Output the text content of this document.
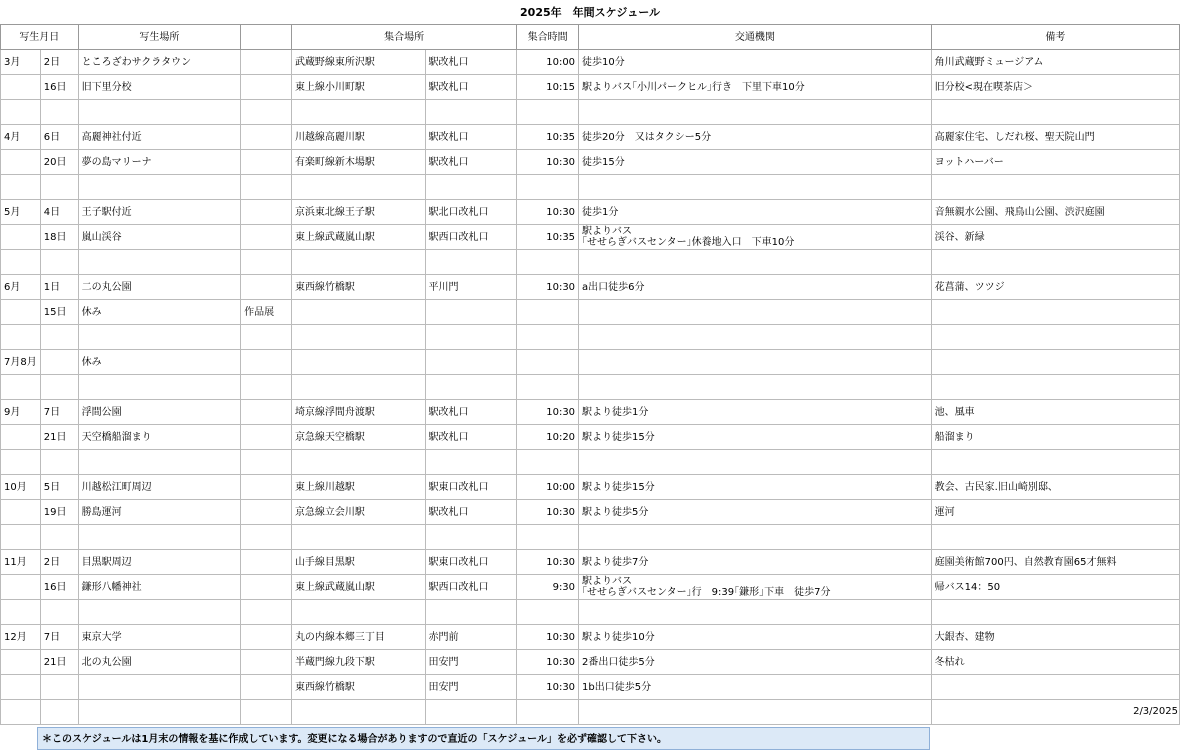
2025年　年間スケジュール
写生月日		写生場所		集合場所		集合時間	交通機関	備考
3月	2日	ところざわサクラタウン		武蔵野線東所沢駅	駅改札口	10:00	徒歩10分	角川武蔵野ミュージアム
	16日	旧下里分校		東上線小川町駅	駅改札口	10:15	駅よりバス｢小川パークヒル｣行き　下里下車10分	旧分校<現在喫茶店＞

4月	6日	高麗神社付近		川越線高麗川駅	駅改札口	10:35	徒歩20分　又はタクシー5分	高麗家住宅、しだれ桜、聖天院山門
	20日	夢の島マリーナ		有楽町線新木場駅	駅改札口	10:30	徒歩15分	ヨットハーバー

5月	4日	王子駅付近		京浜東北線王子駅	駅北口改札口	10:30	徒歩1分	音無親水公園、飛鳥山公園、渋沢庭園
	18日	嵐山渓谷		東上線武蔵嵐山駅	駅西口改札口	10:35	駅よりバス
｢せせらぎバスセンター｣休養地入口　下車10分	渓谷、新緑

6月	1日	二の丸公園		東西線竹橋駅	平川門	10:30	a出口徒歩6分	花菖蒲、ツツジ
	15日	休み	作品展					

7月8月		休み						

9月	7日	浮間公園		埼京線浮間舟渡駅	駅改札口	10:30	駅より徒歩1分	池、風車
	21日	天空橋船溜まり		京急線天空橋駅	駅改札口	10:20	駅より徒歩15分	船溜まり

10月	5日	川越松江町周辺		東上線川越駅	駅東口改札口	10:00	駅より徒歩15分	教会、古民家.旧山崎別邸、
	19日	勝島運河		京急線立会川駅	駅改札口	10:30	駅より徒歩5分	運河

11月	2日	目黒駅周辺		山手線目黒駅	駅東口改札口	10:30	駅より徒歩7分	庭園美術館700円、自然教育園65才無料
	16日	鎌形八幡神社		東上線武蔵嵐山駅	駅西口改札口	9:30	駅よりバス
｢せせらぎバスセンター｣行　9:39｢鎌形｣下車　徒歩7分	帰バス14：50

12月	7日	東京大学		丸の内線本郷三丁目	赤門前	10:30	駅より徒歩10分	大銀杏、建物
	21日	北の丸公園		半蔵門線九段下駅	田安門	10:30	2番出口徒歩5分	冬枯れ
				東西線竹橋駅	田安門	10:30	1b出口徒歩5分	

2/3/2025
＊このスケジュールは1月末の情報を基に作成しています。変更になる場合がありますので直近の「スケジュール」を必ず確認して下さい。
